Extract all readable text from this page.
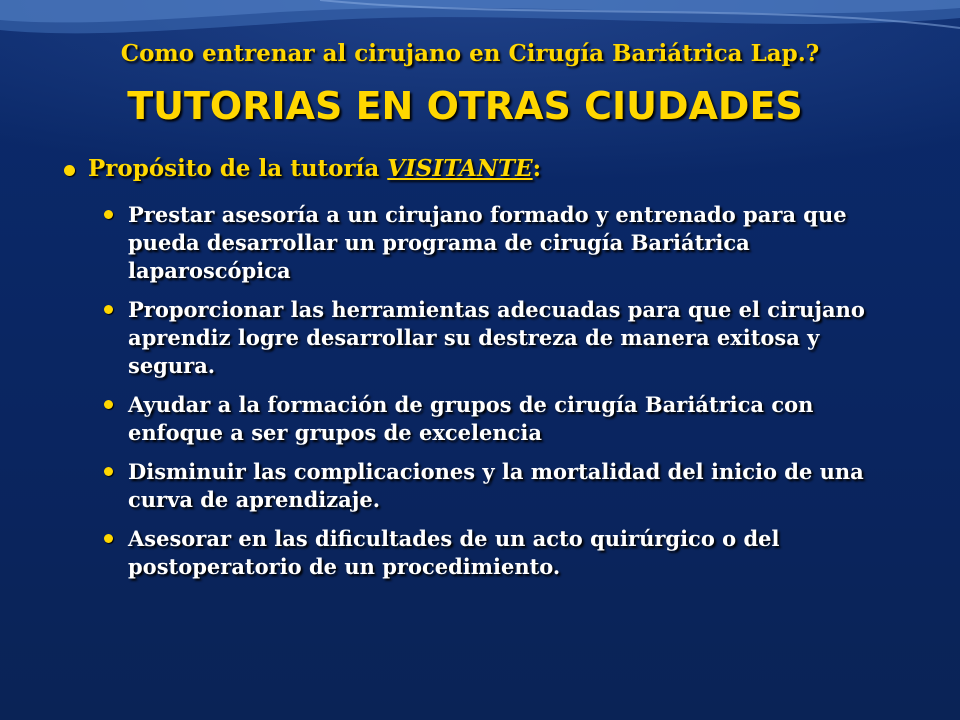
Como entrenar al cirujano en Cirugía Bariátrica Lap.?
TUTORIAS EN OTRAS CIUDADES
Propósito de la tutoría VISITANTE:
Prestar asesoría a un cirujano formado y entrenado para que pueda desarrollar un programa de cirugía Bariátrica laparoscópica
Proporcionar las herramientas adecuadas para que el cirujano aprendiz logre desarrollar su destreza de manera exitosa y segura.
Ayudar a la formación de grupos de cirugía Bariátrica con enfoque a ser grupos de excelencia
Disminuir las complicaciones y la mortalidad del inicio de una curva de aprendizaje.
Asesorar en las dificultades de un acto quirúrgico o del postoperatorio de un procedimiento.
